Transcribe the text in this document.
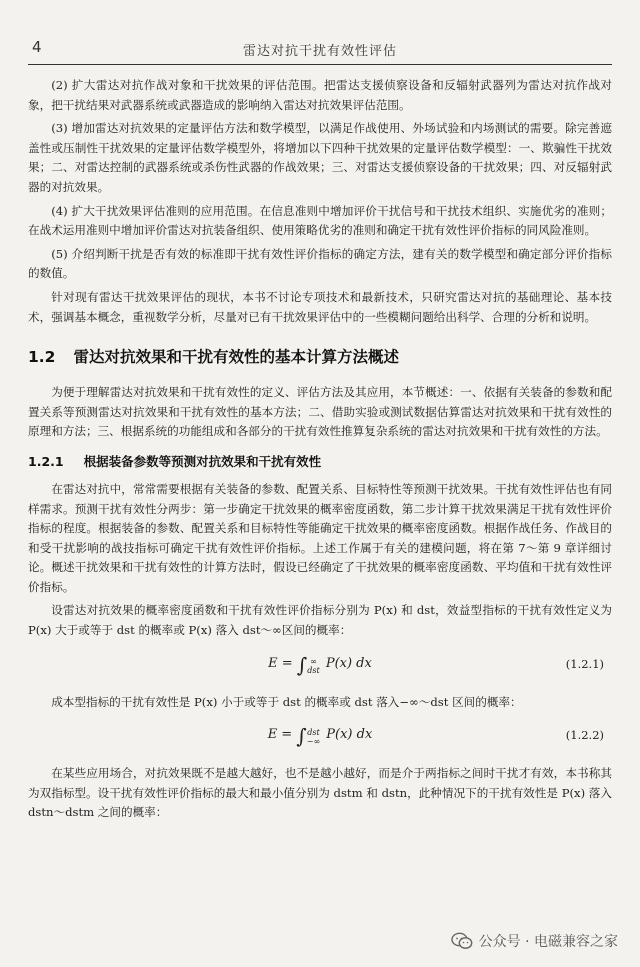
4	雷达对抗干扰有效性评估

(2) 扩大雷达对抗作战对象和干扰效果的评估范围。把雷达支援侦察设备和反辐射武器列为雷达对抗作战对象，把干扰结果对武器系统或武器造成的影响纳入雷达对抗效果评估范围。

(3) 增加雷达对抗效果的定量评估方法和数学模型，以满足作战使用、外场试验和内场测试的需要。除完善遮盖性或压制性干扰效果的定量评估数学模型外，将增加以下四种干扰效果的定量评估数学模型：一、欺骗性干扰效果；二、对雷达控制的武器系统或杀伤性武器的作战效果；三、对雷达支援侦察设备的干扰效果；四、对反辐射武器的对抗效果。

(4) 扩大干扰效果评估准则的应用范围。在信息准则中增加评价干扰信号和干扰技术组织、实施优劣的准则；在战术运用准则中增加评价雷达对抗装备组织、使用策略优劣的准则和确定干扰有效性评价指标的同风险准则。

(5) 介绍判断干扰是否有效的标准即干扰有效性评价指标的确定方法，建有关的数学模型和确定部分评价指标的数值。

针对现有雷达干扰效果评估的现状，本书不讨论专项技术和最新技术，只研究雷达对抗的基础理论、基本技术，强调基本概念，重视数学分析，尽量对已有干扰效果评估中的一些模糊问题给出科学、合理的分析和说明。

1.2 雷达对抗效果和干扰有效性的基本计算方法概述

为便于理解雷达对抗效果和干扰有效性的定义、评估方法及其应用，本节概述：一、依据有关装备的参数和配置关系等预测雷达对抗效果和干扰有效性的基本方法；二、借助实验或测试数据估算雷达对抗效果和干扰有效性的原理和方法；三、根据系统的功能组成和各部分的干扰有效性推算复杂系统的雷达对抗效果和干扰有效性的方法。

1.2.1 根据装备参数等预测对抗效果和干扰有效性

在雷达对抗中，常常需要根据有关装备的参数、配置关系、目标特性等预测干扰效果。干扰有效性评估也有同样需求。预测干扰有效性分两步：第一步确定干扰效果的概率密度函数，第二步计算干扰效果满足干扰有效性评价指标的程度。根据装备的参数、配置关系和目标特性等能确定干扰效果的概率密度函数。根据作战任务、作战目的和受干扰影响的战技指标可确定干扰有效性评价指标。上述工作属于有关的建模问题，将在第 7～第 9 章详细讨论。概述干扰效果和干扰有效性的计算方法时，假设已经确定了干扰效果的概率密度函数、平均值和干扰有效性评价指标。

设雷达对抗效果的概率密度函数和干扰有效性评价指标分别为 P(x) 和 dst，效益型指标的干扰有效性定义为 P(x) 大于或等于 dst 的概率或 P(x) 落入 dst～∞区间的概率：

E = ∫ ∞
dst P(x) dx	(1.2.1)

成本型指标的干扰有效性是 P(x) 小于或等于 dst 的概率或 dst 落入−∞～dst 区间的概率：

E = ∫ dst
−∞ P(x) dx	(1.2.2)

在某些应用场合，对抗效果既不是越大越好，也不是越小越好，而是介于两指标之间时干扰才有效，本书称其为双指标型。设干扰有效性评价指标的最大和最小值分别为 dstm 和 dstn，此种情况下的干扰有效性是 P(x) 落入 dstn～dstm 之间的概率：

公众号 · 电磁兼容之家
